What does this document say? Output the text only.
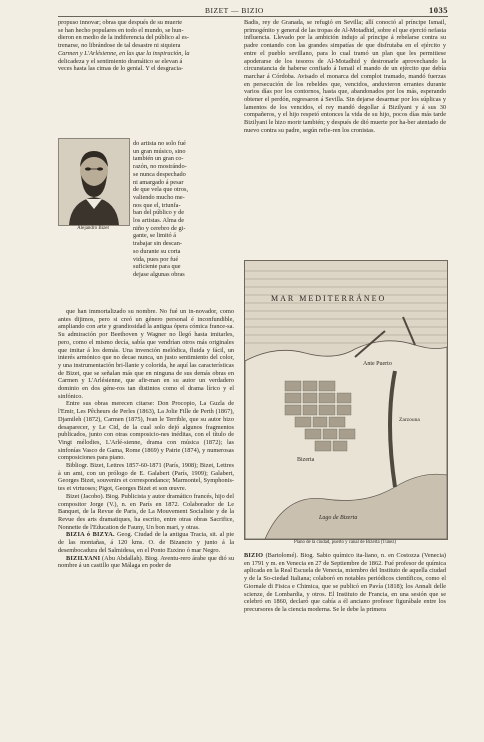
BIZET — BIZIO	1035
propuso innovar; obras que después de su muerte
se han hecho populares en todo el mundo, se hun-
dieron en medio de la indiferencia del público al es-
trenarse, no librándose de tal desastre ni siquiera
Carmen y L'Arlésienne, en las que la inspiración, la
delicadeza y el sentimiento dramático se elevan á
veces hasta las cimas de lo genial. Y el desgracia-
Alejandro Bizet
do artista no solo fué
un gran músico, sino
también un gran co-
razón, no mostrándo-
se nunca despechado
ni amargado á pesar
de que vela que otros,
valiendo mucho me-
nos que el, triunfa-
ban del público y de
los artistas. Alma de
niño y cerebro de gi-
gante, se limitó á
trabajar sin descan-
so durante su corta
vida, pues por fué
suficiente para que
dejase algunas obras

que han immortalizado su nombre. No fué un in-novador, como antes dijimos, pero si creó un género personal é inconfundible, ampliando con arte y grandiosidad la antigua ópera cómica france-sa. Su admiración por Beethoven y Wagner no llegó hasta imitarles, pero, como el mismo decía, sabía que vendrían otros más originales que imitar á los demás. Una invención melódica, fluida y fácil, un interés armónico que no decae nunca, un justo sentimiento del color, y una instrumentación bri-llante y colorida, he aquí las características de Bizet, que se señalan más que en ninguna de sus demás obras en Carmen y L'Arlésienne, que afir-man en su autor un verdadero dominio en dos géne-ros tan distintos como el drama lírico y el sinfónico.

Entre sus obras merecen citarse: Don Procopio, La Guzla de l'Emir, Les Pêcheurs de Perles (1863), La Jolie Fille de Perth (1867), Djamileh (1872), Carmen (1875), Ivan le Terrible, que su autor hizo desaparecer, y Le Cid, de la cual solo dejó algunos fragmentos publicados, junto con otras composicio-nes inéditas, con el título de Vingt mélodies, L'Arlé-sienne, drama con música (1872); las sinfonías Vasco de Gama, Rome (1869) y Patrie (1874), y numerosas composiciones para piano.

Bibliogr. Bizet, Lettres 1857-60-1871 (París, 1908); Bizet, Lettres à un ami, con un prólogo de E. Galabert (París, 1909); Galabert, Georges Bizet, souvenirs et correspondance; Marmontel, Symphonis-tes et virtuoses; Pigot, Georges Bizet et son œuvre.

Bizet (Jacobo). Biog. Publicista y autor dramático francés, hijo del compositor Jorge (V.), n. en París en 1872. Colaborador de Le Banquet, de la Revue de Paris, de La Mouvement Socialiste y de la Revue des arts dramatiques, ha escrito, entre otras obras Sacrifice, Nonnette de l'Education de Fauny, Un bon mari, y otras.

BIZIA ó BIZYA. Geog. Ciudad de la antigua Tracia, sit. al pie de las montañas, á 120 kms. O. de Bizancio y junto á la desembocadura del Salmidesa, en el Ponto Euxino ó mar Negro.

BIZILYANI (Abu Abdallah). Biog. Aventu-rero árabe que dió su nombre á un castillo que Málaga en poder de

Badis, rey de Granada, se refugió en Sevilla; allí conoció al príncipe Ismail, primogénito y general de las tropas de Al-Motadhid, sobre el que ejerció nefasta influencia. Llevado por la ambición indujo al príncipe á rebelarse contra su padre contando con las grandes simpatías de que disfrutaba en el ejército y entre el pueblo sevillano, para lo cual tramó un plan que les permitiese apoderarse de los tesoros de Al-Motadhid y destronarle aprovechando la circunstancia de haberse confiado á Ismail el mando de un ejército que debía marchar á Córdoba. Avisado el monarca del complot tramado, mandó fuerzas en persecución de los rebeldes que, vencidos, anduvieron errantes durante varios días por los contornos, hasta que, abandonados por los más, esperando obtener el perdón, regresaron á Sevilla. Sin dejarse desarmar por los súplicas y lamentos de los vencidos, el rey mandó degollar á Bizilyani y á sus 30 compañeros, y el hijo respetó entonces la vida de su hijo, pocos días más tarde Bizilyani le hizo morir también; y después de dió muerte por ha-ber atentado de nuevo contra su padre, según refie-ren los cronistas.

MAR MEDITERRÁNEO
Ante Puerto
Bizerta
Zarzouna
Lago de Bizerta
Plano de la ciudad, puerto y canal de Bizerta (Túnez)

BIZIO (Bartolomé). Biog. Sabio químico ita-liano, n. en Costozza (Venecia) en 1791 y m. en Venecia en 27 de Septiembre de 1862. Fué profesor de química aplicada en la Real Escuela de Venecia, miembro del Instituto de aquella ciudad y de la So-ciedad Italiana; colaboró en notables periódicos científicos, como el Giornale di Fisica e Chimica, que se publicó en Pavía (1818); los Annali delle scienze, de Lombardia, y otros. El Instituto de Francia, en una sesión que se celebró en 1860, declaró que cabía a él anciano profesor figurábale entre los precursores de la ciencia moderna. Se le debe la primera
